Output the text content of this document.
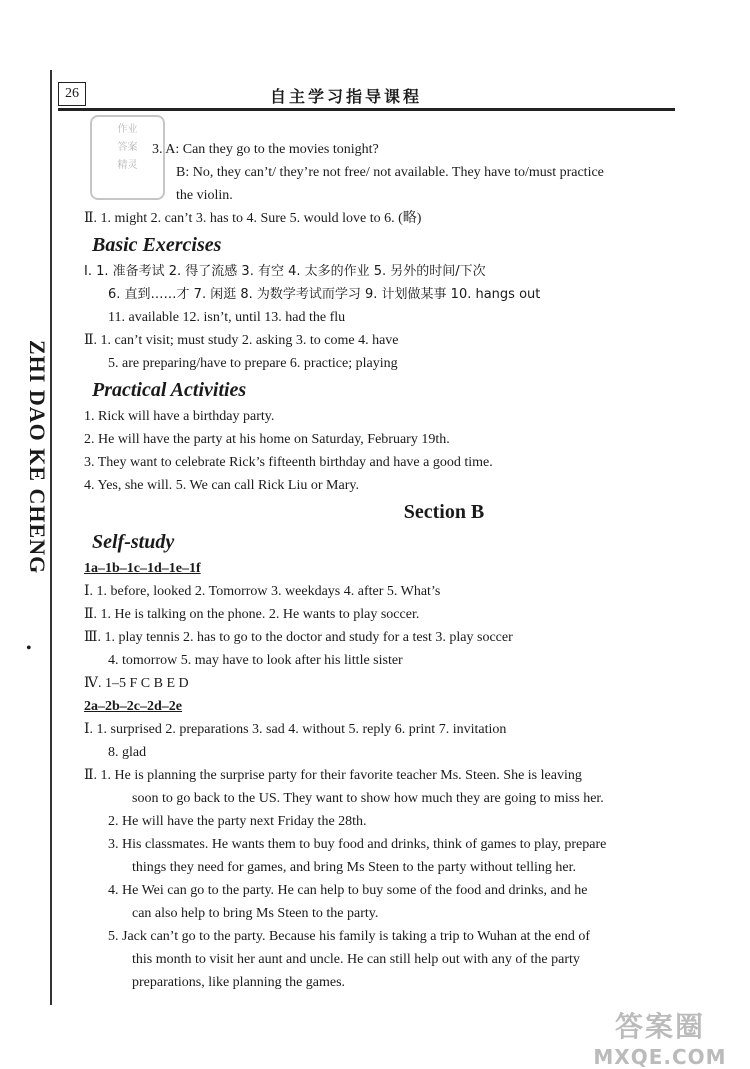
26	自主学习指导课程
ZHI DAO KE CHENG
•
作业
答案
精灵
3. A: Can they go to the movies tonight?
B: No, they can’t/ they’re not free/ not available. They have to/must practice
the violin.
Ⅱ. 1. might 2. can’t 3. has to 4. Sure 5. would love to 6. (略)
Basic Exercises
Ⅰ. 1. 准备考试 2. 得了流感 3. 有空 4. 太多的作业 5. 另外的时间/下次
6. 直到……才 7. 闲逛 8. 为数学考试而学习 9. 计划做某事 10. hangs out
11. available 12. isn’t, until 13. had the flu
Ⅱ. 1. can’t visit; must study 2. asking 3. to come 4. have
5. are preparing/have to prepare 6. practice; playing
Practical Activities
1. Rick will have a birthday party.
2. He will have the party at his home on Saturday, February 19th.
3. They want to celebrate Rick’s fifteenth birthday and have a good time.
4. Yes, she will. 5. We can call Rick Liu or Mary.
Section B
Self-study
1a–1b–1c–1d–1e–1f
Ⅰ. 1. before, looked 2. Tomorrow 3. weekdays 4. after 5. What’s
Ⅱ. 1. He is talking on the phone. 2. He wants to play soccer.
Ⅲ. 1. play tennis 2. has to go to the doctor and study for a test 3. play soccer
4. tomorrow 5. may have to look after his little sister
Ⅳ. 1–5 F C B E D
2a–2b–2c–2d–2e
Ⅰ. 1. surprised 2. preparations 3. sad 4. without 5. reply 6. print 7. invitation
8. glad
Ⅱ. 1. He is planning the surprise party for their favorite teacher Ms. Steen. She is leaving
soon to go back to the US. They want to show how much they are going to miss her.
2. He will have the party next Friday the 28th.
3. His classmates. He wants them to buy food and drinks, think of games to play, prepare
things they need for games, and bring Ms Steen to the party without telling her.
4. He Wei can go to the party. He can help to buy some of the food and drinks, and he
can also help to bring Ms Steen to the party.
5. Jack can’t go to the party. Because his family is taking a trip to Wuhan at the end of
this month to visit her aunt and uncle. He can still help out with any of the party
preparations, like planning the games.
答案圈
MXQE.COM
